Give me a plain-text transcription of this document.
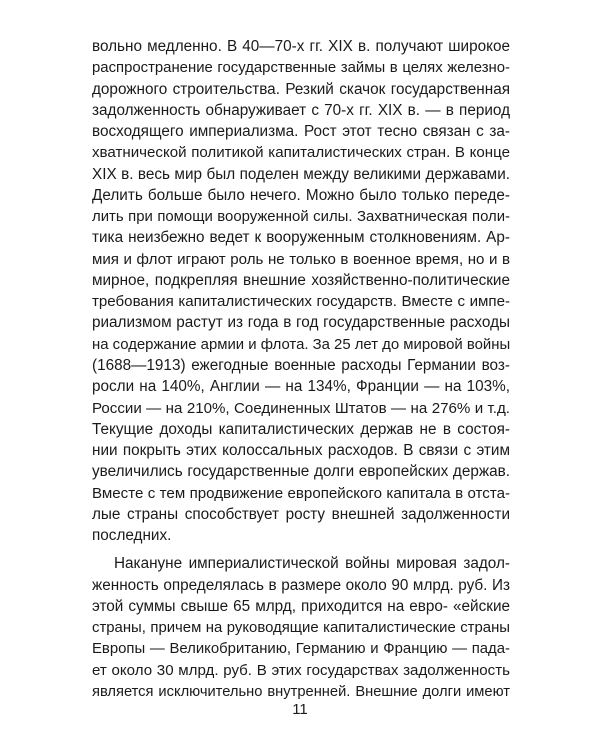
вольно медленно. В 40—70-х гг. XIX в. получают широкое
распространение государственные займы в целях железно-
дорожного строительства. Резкий скачок государственная
задолженность обнаруживает с 70-х гг. XIX в. — в период
восходящего империализма. Рост этот тесно связан с за-
хватнической политикой капиталистических стран. В конце
XIX в. весь мир был поделен между великими державами.
Делить больше было нечего. Можно было только переде-
лить при помощи вооруженной силы. Захватническая поли-
тика неизбежно ведет к вооруженным столкновениям. Ар-
мия и флот играют роль не только в военное время, но и в
мирное, подкрепляя внешние хозяйственно-политические
требования капиталистических государств. Вместе с импе-
риализмом растут из года в год государственные расходы
на содержание армии и флота. За 25 лет до мировой войны
(1688—1913) ежегодные военные расходы Германии воз-
росли на 140%, Англии — на 134%, Франции — на 103%,
России — на 210%, Соединенных Штатов — на 276% и т.д.
Текущие доходы капиталистических держав не в состоя-
нии покрыть этих колоссальных расходов. В связи с этим
увеличились государственные долги европейских держав.
Вместе с тем продвижение европейского капитала в отста-
лые страны способствует росту внешней задолженности
последних.
Накануне империалистической войны мировая задол-
женность определялась в размере около 90 млрд. руб. Из
этой суммы свыше 65 млрд, приходится на евро- «ейские
страны, причем на руководящие капиталистические страны
Европы — Великобританию, Германию и Францию — пада-
ет около 30 млрд. руб. В этих государствах задолженность
является исключительно внутренней. Внешние долги имеют
11
